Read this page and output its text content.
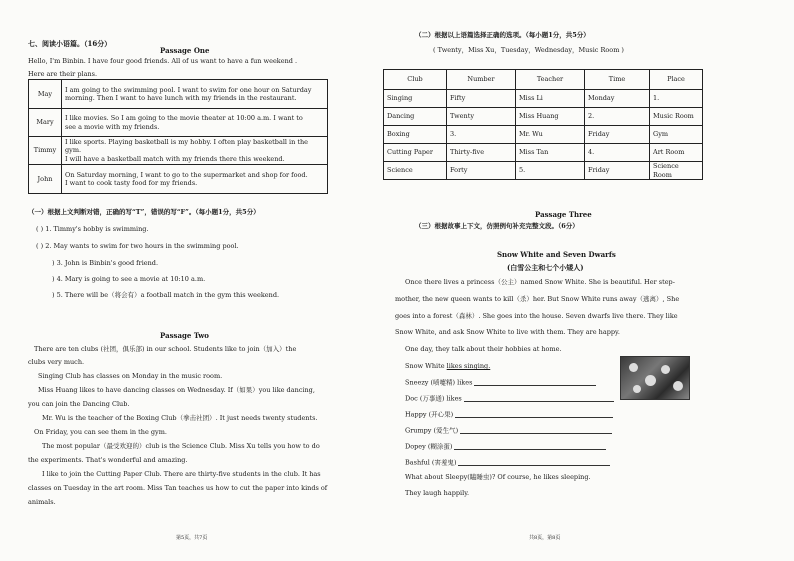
七、阅读小语篇。（16分）
Passage One
Hello, I'm Binbin. I have four good friends. All of us want to have a fun weekend .
Here are their plans.
May	I am going to the swimming pool. I want to swim for one hour on Saturday
morning. Then I want to have lunch with my friends in the restaurant.

Mary	I like movies. So I am going to the movie theater at 10:00 a.m. I want to
see a movie with my friends.

Timmy	I like sports. Playing basketball is my hobby. I often play basketball in the gym.
I will have a basketball match with my friends there this weekend.

John	On Saturday morning, I want to go to the supermarket and shop for food.
I want to cook tasty food for my friends.
（一）根据上文判断对错，正确的写“T”，错误的写“F”。（每小题1分，共5分）
( ) 1. Timmy's hobby is swimming.
( ) 2. May wants to swim for two hours in the swimming pool.
) 3. John is Binbin's good friend.
) 4. Mary is going to see a movie at 10:10 a.m.
) 5. There will be（将会有）a football match in the gym this weekend.
Passage Two
There are ten clubs (社团，俱乐部) in our school. Students like to join（加入）the
clubs very much.
Singing Club has classes on Monday in the music room.
Miss Huang likes to have dancing classes on Wednesday. If（如果）you like dancing,
you can join the Dancing Club.
Mr. Wu is the teacher of the Boxing Club（拳击社团）. It just needs twenty students.
On Friday, you can see them in the gym.
The most popular（最受欢迎的）club is the Science Club. Miss Xu tells you how to do
the experiments. That's wonderful and amazing.
I like to join the Cutting Paper Club. There are thirty-five students in the club. It has
classes on Tuesday in the art room. Miss Tan teaches us how to cut the paper into kinds of
animals.
第5页，共7页
（二）根据以上语篇选择正确的选项。（每小题1分，共5分）
( Twenty，Miss Xu，Tuesday，Wednesday，Music Room )
Club	Number	Teacher	Time	Place
Singing	Fifty	Miss Li	Monday	1.
Dancing	Twenty	Miss Huang	2.	Music Room
Boxing	3.	Mr. Wu	Friday	Gym
Cutting Paper	Thirty-five	Miss Tan	4.	Art Room
Science	Forty	5.	Friday	Science Room
Passage Three
（三）根据故事上下文，仿照例句补充完整文段。（6分）
Snow White and Seven Dwarfs
(白雪公主和七个小矮人)
Once there lives a princess（公主）named Snow White. She is beautiful. Her step-
mother, the new queen wants to kill（杀）her. But Snow White runs away（逃离）, She
goes into a forest（森林）. She goes into the house. Seven dwarfs live there. They like
Snow White, and ask Snow White to live with them. They are happy.
One day, they talk about their hobbies at home.
Snow White likes singing.
Sneezy (喷嚏精) likes
Doc (万事通) likes
Happy (开心果)
Grumpy (爱生气)
Dopey (糊涂蛋)
Bashful (害羞鬼)
What about Sleepy(瞌睡虫)? Of course, he likes sleeping.
They laugh happily.
共8页，第8页
